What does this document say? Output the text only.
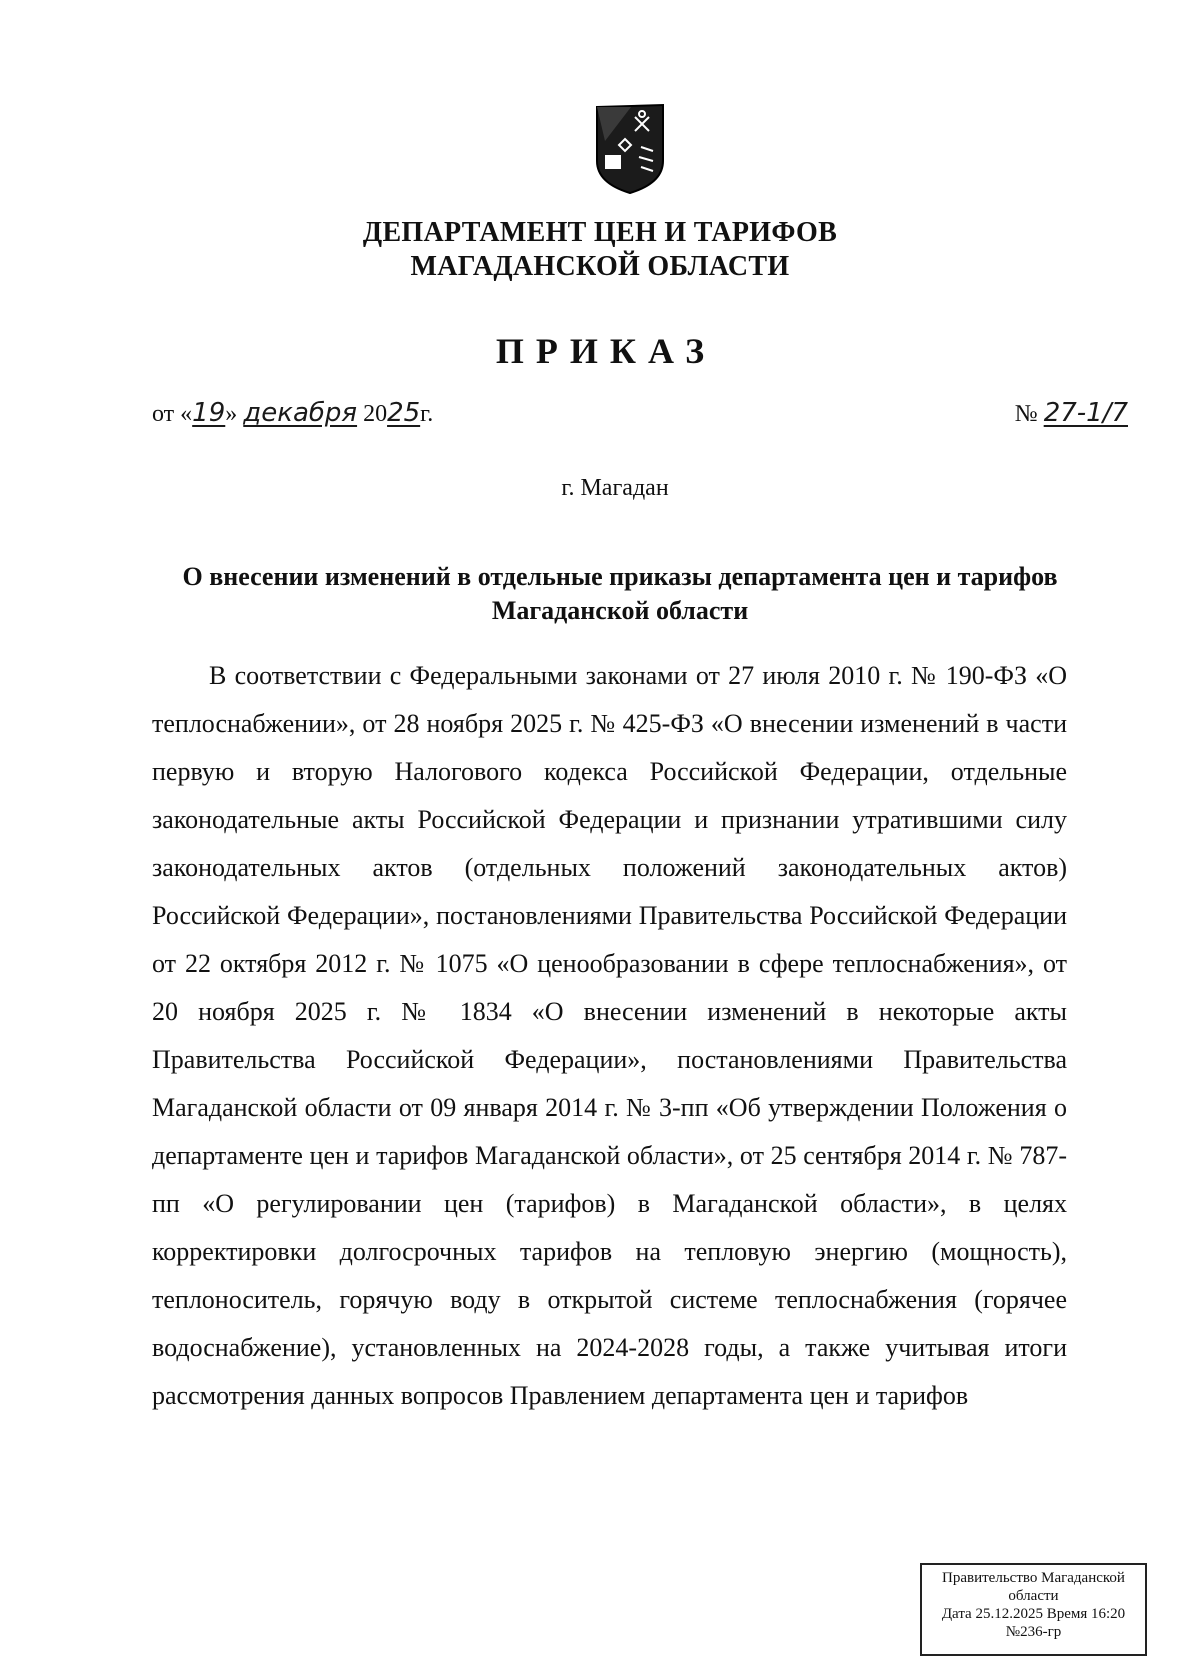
ДЕПАРТАМЕНТ ЦЕН И ТАРИФОВ
МАГАДАНСКОЙ ОБЛАСТИ
ПРИКАЗ
от «19» декабря 2025г.	№ 27-1/7
г. Магадан
О внесении изменений в отдельные приказы департамента цен и тарифов Магаданской области

В соответствии с Федеральными законами от 27 июля 2010 г. № 190-ФЗ «О теплоснабжении», от 28 ноября 2025 г. № 425-ФЗ «О внесении изменений в части первую и вторую Налогового кодекса Российской Федерации, отдельные законодательные акты Российской Федерации и признании утратившими силу законодательных актов (отдельных положений законодательных актов) Российской Федерации», постановлениями Правительства Российской Федерации от 22 октября 2012 г. № 1075 «О ценообразовании в сфере теплоснабжения», от 20 ноября 2025 г. № 1834 «О внесении изменений в некоторые акты Правительства Российской Федерации», постановлениями Правительства Магаданской области от 09 января 2014 г. № 3-пп «Об утверждении Положения о департаменте цен и тарифов Магаданской области», от 25 сентября 2014 г. № 787-пп «О регулировании цен (тарифов) в Магаданской области», в целях корректировки долгосрочных тарифов на тепловую энергию (мощность), теплоноситель, горячую воду в открытой системе теплоснабжения (горячее водоснабжение), установленных на 2024-2028 годы, а также учитывая итоги рассмотрения данных вопросов Правлением департамента цен и тарифов

Правительство Магаданской
области
Дата 25.12.2025 Время 16:20
№236-гр
